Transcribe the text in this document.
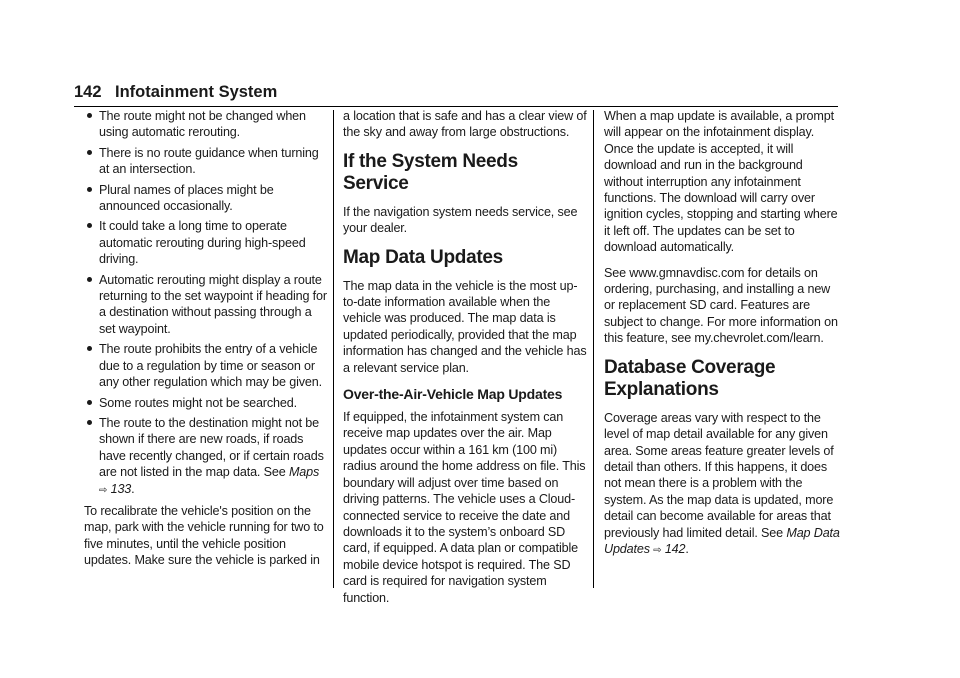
142 Infotainment System
The route might not be changed when using automatic rerouting.
There is no route guidance when turning at an intersection.
Plural names of places might be announced occasionally.
It could take a long time to operate automatic rerouting during high-speed driving.
Automatic rerouting might display a route returning to the set waypoint if heading for a destination without passing through a set waypoint.
The route prohibits the entry of a vehicle due to a regulation by time or season or any other regulation which may be given.
Some routes might not be searched.
The route to the destination might not be shown if there are new roads, if roads have recently changed, or if certain roads are not listed in the map data. See Maps
⇨ 133.

To recalibrate the vehicle's position on the map, park with the vehicle running for two to five minutes, until the vehicle position updates. Make sure the vehicle is parked in

a location that is safe and has a clear view of the sky and away from large obstructions.

If the System Needs Service

If the navigation system needs service, see your dealer.

Map Data Updates

The map data in the vehicle is the most up-to-date information available when the vehicle was produced. The map data is updated periodically, provided that the map information has changed and the vehicle has a relevant service plan.

Over-the-Air-Vehicle Map Updates

If equipped, the infotainment system can receive map updates over the air. Map updates occur within a 161 km (100 mi) radius around the home address on file. This boundary will adjust over time based on driving patterns. The vehicle uses a Cloud-connected service to receive the date and downloads it to the system’s onboard SD card, if equipped. A data plan or compatible mobile device hotspot is required. The SD card is required for navigation system function.

When a map update is available, a prompt will appear on the infotainment display. Once the update is accepted, it will download and run in the background without interruption any infotainment functions. The download will carry over ignition cycles, stopping and starting where it left off. The updates can be set to download automatically.

See www.gmnavdisc.com for details on ordering, purchasing, and installing a new or replacement SD card. Features are subject to change. For more information on this feature, see my.chevrolet.com/learn.

Database Coverage Explanations

Coverage areas vary with respect to the level of map detail available for any given area. Some areas feature greater levels of detail than others. If this happens, it does not mean there is a problem with the system. As the map data is updated, more detail can become available for areas that previously had limited detail. See Map Data Updates ⇨ 142.
